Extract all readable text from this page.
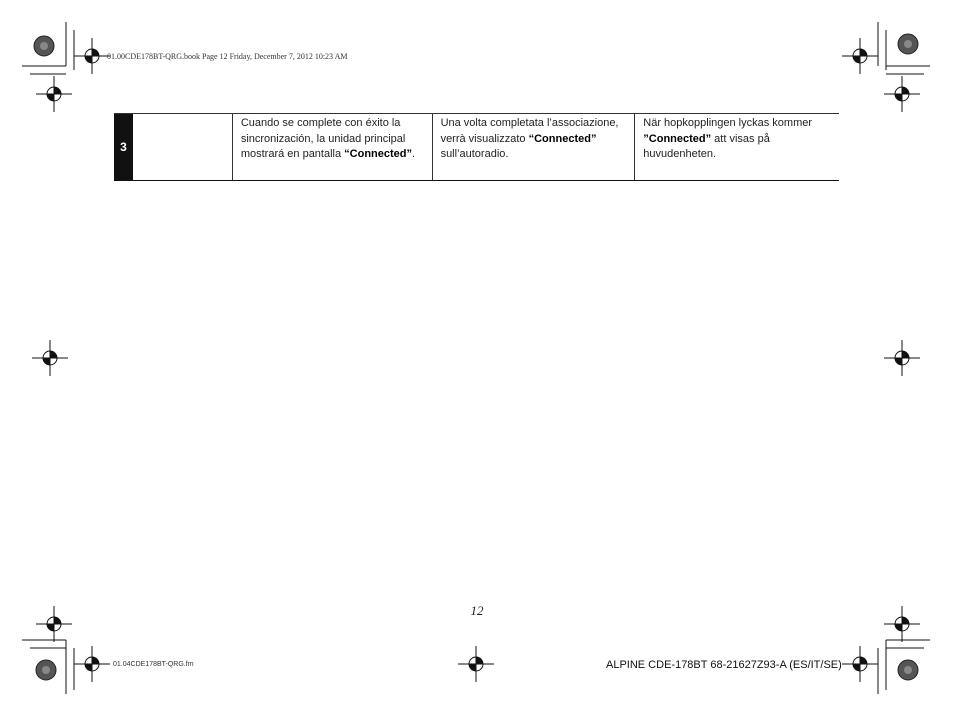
01.00CDE178BT-QRG.book Page 12 Friday, December 7, 2012 10:23 AM
3
Cuando se complete con éxito la sincronización, la unidad principal mostrará en pantalla “Connected”.
Una volta completata l’associazione, verrà visualizzato “Connected” sull’autoradio.
När hopkopplingen lyckas kommer ”Connected” att visas på huvudenheten.
12
01.04CDE178BT-QRG.fm	ALPINE CDE-178BT 68-21627Z93-A (ES/IT/SE)
